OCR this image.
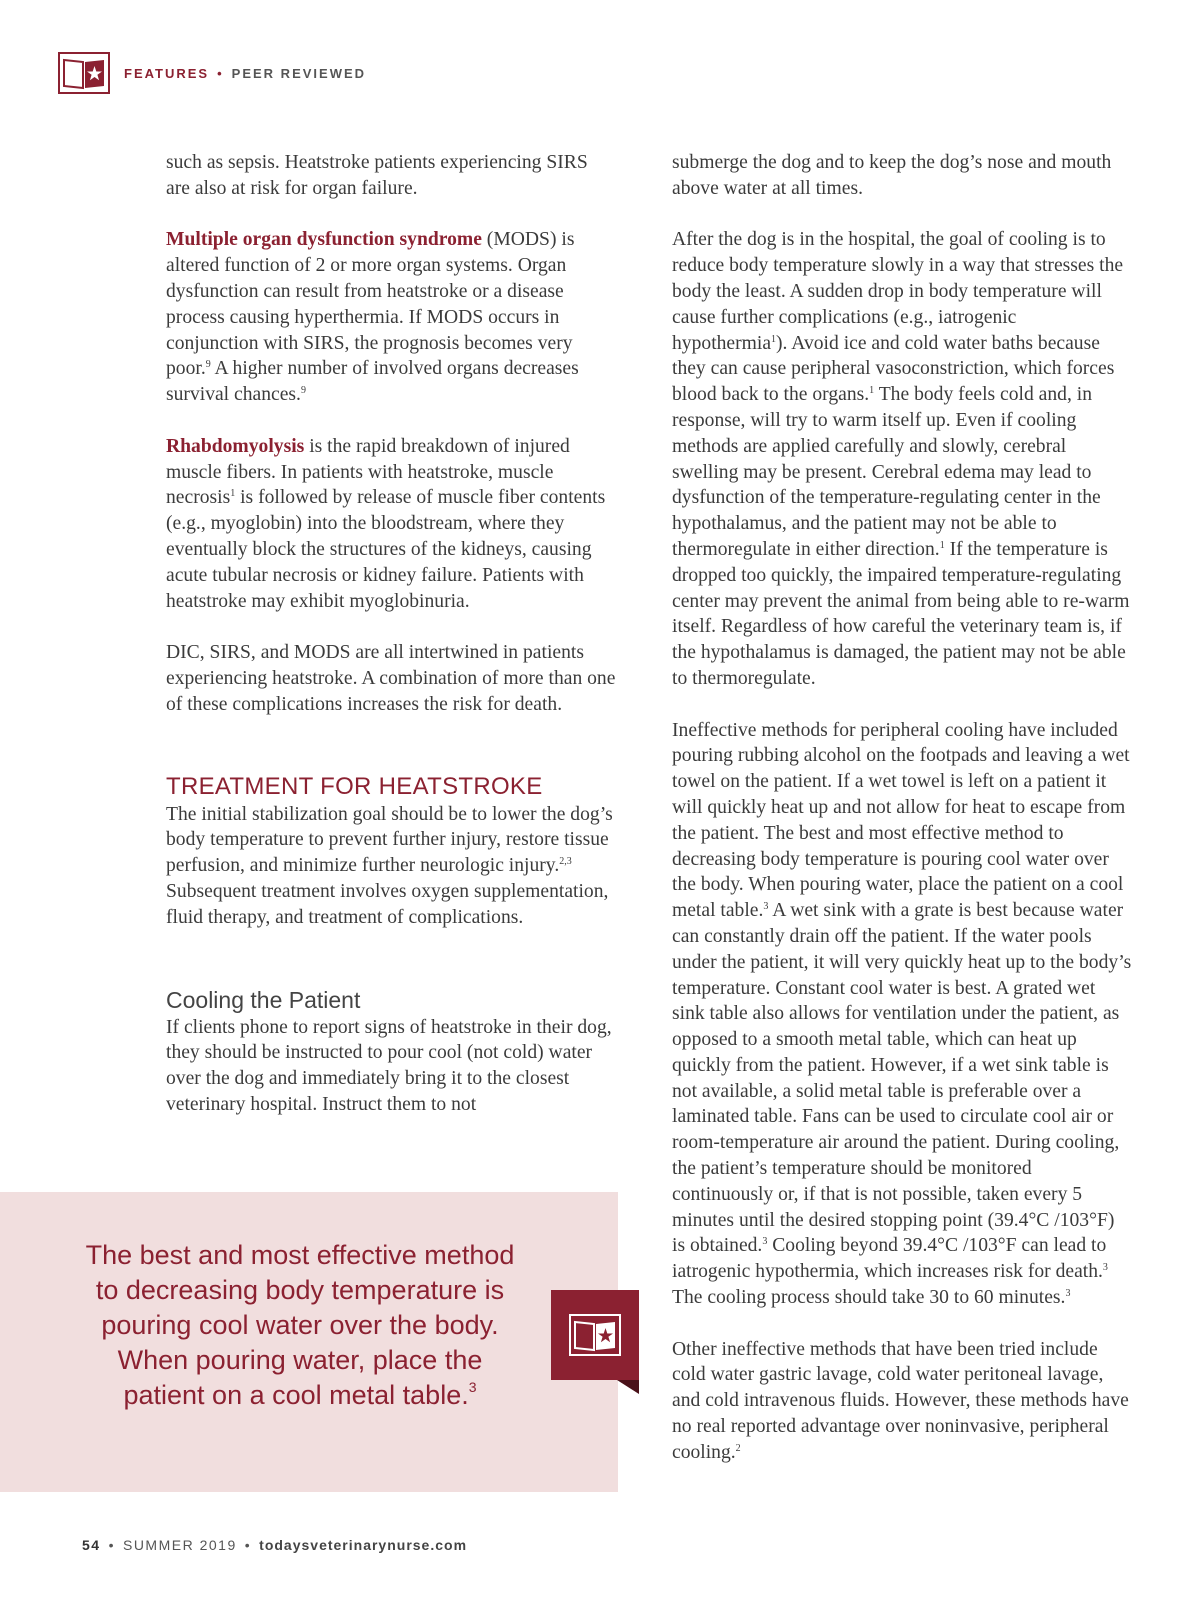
FEATURES • PEER REVIEWED

such as sepsis. Heatstroke patients experiencing SIRS are also at risk for organ failure.

Multiple organ dysfunction syndrome (MODS) is altered function of 2 or more organ systems. Organ dysfunction can result from heatstroke or a disease process causing hyperthermia. If MODS occurs in conjunction with SIRS, the prognosis becomes very poor.$^9$ A higher number of involved organs decreases survival chances.$^9$

Rhabdomyolysis is the rapid breakdown of injured muscle fibers. In patients with heatstroke, muscle necrosis$^1$ is followed by release of muscle fiber contents (e.g., myoglobin) into the bloodstream, where they eventually block the structures of the kidneys, causing acute tubular necrosis or kidney failure. Patients with heatstroke may exhibit myoglobinuria.

DIC, SIRS, and MODS are all intertwined in patients experiencing heatstroke. A combination of more than one of these complications increases the risk for death.

TREATMENT FOR HEATSTROKE

The initial stabilization goal should be to lower the dog’s body temperature to prevent further injury, restore tissue perfusion, and minimize further neurologic injury.$^{2,3}$ Subsequent treatment involves oxygen supplementation, fluid therapy, and treatment of complications.

Cooling the Patient

If clients phone to report signs of heatstroke in their dog, they should be instructed to pour cool (not cold) water over the dog and immediately bring it to the closest veterinary hospital. Instruct them to not

submerge the dog and to keep the dog’s nose and mouth above water at all times.

After the dog is in the hospital, the goal of cooling is to reduce body temperature slowly in a way that stresses the body the least. A sudden drop in body temperature will cause further complications (e.g., iatrogenic hypothermia$^1$). Avoid ice and cold water baths because they can cause peripheral vasoconstriction, which forces blood back to the organs.$^1$ The body feels cold and, in response, will try to warm itself up. Even if cooling methods are applied carefully and slowly, cerebral swelling may be present. Cerebral edema may lead to dysfunction of the temperature-regulating center in the hypothalamus, and the patient may not be able to thermoregulate in either direction.$^1$ If the temperature is dropped too quickly, the impaired temperature-regulating center may prevent the animal from being able to re-warm itself. Regardless of how careful the veterinary team is, if the hypothalamus is damaged, the patient may not be able to thermoregulate.

Ineffective methods for peripheral cooling have included pouring rubbing alcohol on the footpads and leaving a wet towel on the patient. If a wet towel is left on a patient it will quickly heat up and not allow for heat to escape from the patient. The best and most effective method to decreasing body temperature is pouring cool water over the body. When pouring water, place the patient on a cool metal table.$^3$ A wet sink with a grate is best because water can constantly drain off the patient. If the water pools under the patient, it will very quickly heat up to the body’s temperature. Constant cool water is best. A grated wet sink table also allows for ventilation under the patient, as opposed to a smooth metal table, which can heat up quickly from the patient. However, if a wet sink table is not available, a solid metal table is preferable over a laminated table. Fans can be used to circulate cool air or room-temperature air around the patient. During cooling, the patient’s temperature should be monitored continuously or, if that is not possible, taken every 5 minutes until the desired stopping point (39.4°C /103°F) is obtained.$^3$ Cooling beyond 39.4°C /103°F can lead to iatrogenic hypothermia, which increases risk for death.$^3$ The cooling process should take 30 to 60 minutes.$^3$

Other ineffective methods that have been tried include cold water gastric lavage, cold water peritoneal lavage, and cold intravenous fluids. However, these methods have no real reported advantage over noninvasive, peripheral cooling.$^2$

The best and most effective method to decreasing body temperature is pouring cool water over the body. When pouring water, place the patient on a cool metal table.$^3$
54 • SUMMER 2019 • todaysveterinarynurse.com
